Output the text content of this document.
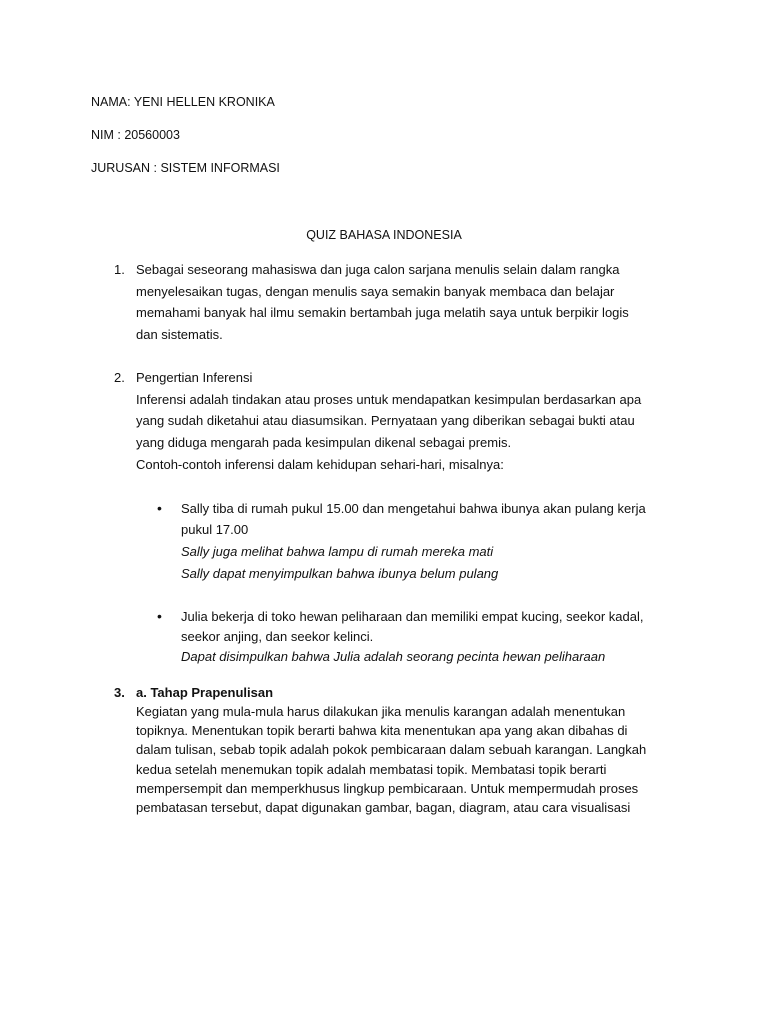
NAMA: YENI HELLEN KRONIKA
NIM : 20560003
JURUSAN : SISTEM INFORMASI
QUIZ BAHASA INDONESIA
1. Sebagai seseorang mahasiswa dan juga calon sarjana menulis selain dalam rangka
menyelesaikan tugas, dengan menulis saya semakin banyak membaca dan belajar
memahami banyak hal ilmu semakin bertambah juga melatih saya untuk berpikir logis
dan sistematis.
2. Pengertian Inferensi
Inferensi adalah tindakan atau proses untuk mendapatkan kesimpulan berdasarkan apa
yang sudah diketahui atau diasumsikan. Pernyataan yang diberikan sebagai bukti atau
yang diduga mengarah pada kesimpulan dikenal sebagai premis.
Contoh-contoh inferensi dalam kehidupan sehari-hari, misalnya:
• Sally tiba di rumah pukul 15.00 dan mengetahui bahwa ibunya akan pulang kerja
pukul 17.00
Sally juga melihat bahwa lampu di rumah mereka mati
Sally dapat menyimpulkan bahwa ibunya belum pulang
• Julia bekerja di toko hewan peliharaan dan memiliki empat kucing, seekor kadal,
seekor anjing, dan seekor kelinci.
Dapat disimpulkan bahwa Julia adalah seorang pecinta hewan peliharaan
3. a. Tahap Prapenulisan
Kegiatan yang mula-mula harus dilakukan jika menulis karangan adalah menentukan
topiknya. Menentukan topik berarti bahwa kita menentukan apa yang akan dibahas di
dalam tulisan, sebab topik adalah pokok pembicaraan dalam sebuah karangan. Langkah
kedua setelah menemukan topik adalah membatasi topik. Membatasi topik berarti
mempersempit dan memperkhusus lingkup pembicaraan. Untuk mempermudah proses
pembatasan tersebut, dapat digunakan gambar, bagan, diagram, atau cara visualisasi
